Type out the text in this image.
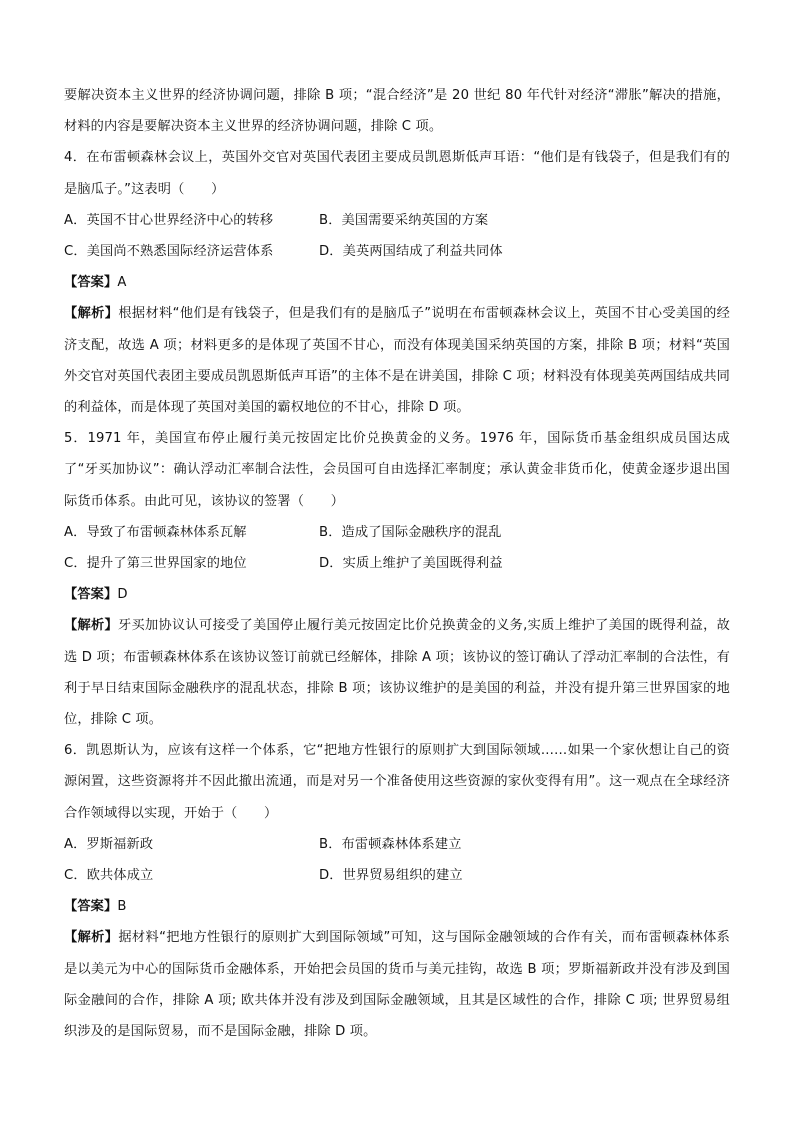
要解决资本主义世界的经济协调问题，排除 B 项；“混合经济”是 20 世纪 80 年代针对经济“滞胀”解决的措施，材料的内容是要解决资本主义世界的经济协调问题，排除 C 项。

4．在布雷顿森林会议上，英国外交官对英国代表团主要成员凯恩斯低声耳语：“他们是有钱袋子，但是我们有的是脑瓜子。”这表明（　　）

A．英国不甘心世界经济中心的转移	B．美国需要采纳英国的方案
C．美国尚不熟悉国际经济运营体系	D．美英两国结成了利益共同体

【答案】A

【解析】根据材料“他们是有钱袋子，但是我们有的是脑瓜子”说明在布雷顿森林会议上，英国不甘心受美国的经济支配，故选 A 项；材料更多的是体现了英国不甘心，而没有体现美国采纳英国的方案，排除 B 项；材料“英国外交官对英国代表团主要成员凯恩斯低声耳语”的主体不是在讲美国，排除 C 项；材料没有体现美英两国结成共同的利益体，而是体现了英国对美国的霸权地位的不甘心，排除 D 项。

5．1971 年，美国宣布停止履行美元按固定比价兑换黄金的义务。1976 年，国际货币基金组织成员国达成了“牙买加协议”：确认浮动汇率制合法性，会员国可自由选择汇率制度；承认黄金非货币化，使黄金逐步退出国际货币体系。由此可见，该协议的签署（　　）

A．导致了布雷顿森林体系瓦解	B．造成了国际金融秩序的混乱
C．提升了第三世界国家的地位	D．实质上维护了美国既得利益

【答案】D

【解析】牙买加协议认可接受了美国停止履行美元按固定比价兑换黄金的义务,实质上维护了美国的既得利益，故选 D 项；布雷顿森林体系在该协议签订前就已经解体，排除 A 项；该协议的签订确认了浮动汇率制的合法性，有利于早日结束国际金融秩序的混乱状态，排除 B 项；该协议维护的是美国的利益，并没有提升第三世界国家的地位，排除 C 项。

6．凯恩斯认为，应该有这样一个体系，它“把地方性银行的原则扩大到国际领域……如果一个家伙想让自己的资源闲置，这些资源将并不因此撤出流通，而是对另一个准备使用这些资源的家伙变得有用”。这一观点在全球经济合作领域得以实现，开始于（　　）

A．罗斯福新政	B．布雷顿森林体系建立
C．欧共体成立	D．世界贸易组织的建立

【答案】B

【解析】据材料“把地方性银行的原则扩大到国际领域”可知，这与国际金融领域的合作有关，而布雷顿森林体系是以美元为中心的国际货币金融体系，开始把会员国的货币与美元挂钩，故选 B 项；罗斯福新政并没有涉及到国际金融间的合作，排除 A 项; 欧共体并没有涉及到国际金融领域，且其是区域性的合作，排除 C 项; 世界贸易组织涉及的是国际贸易，而不是国际金融，排除 D 项。
